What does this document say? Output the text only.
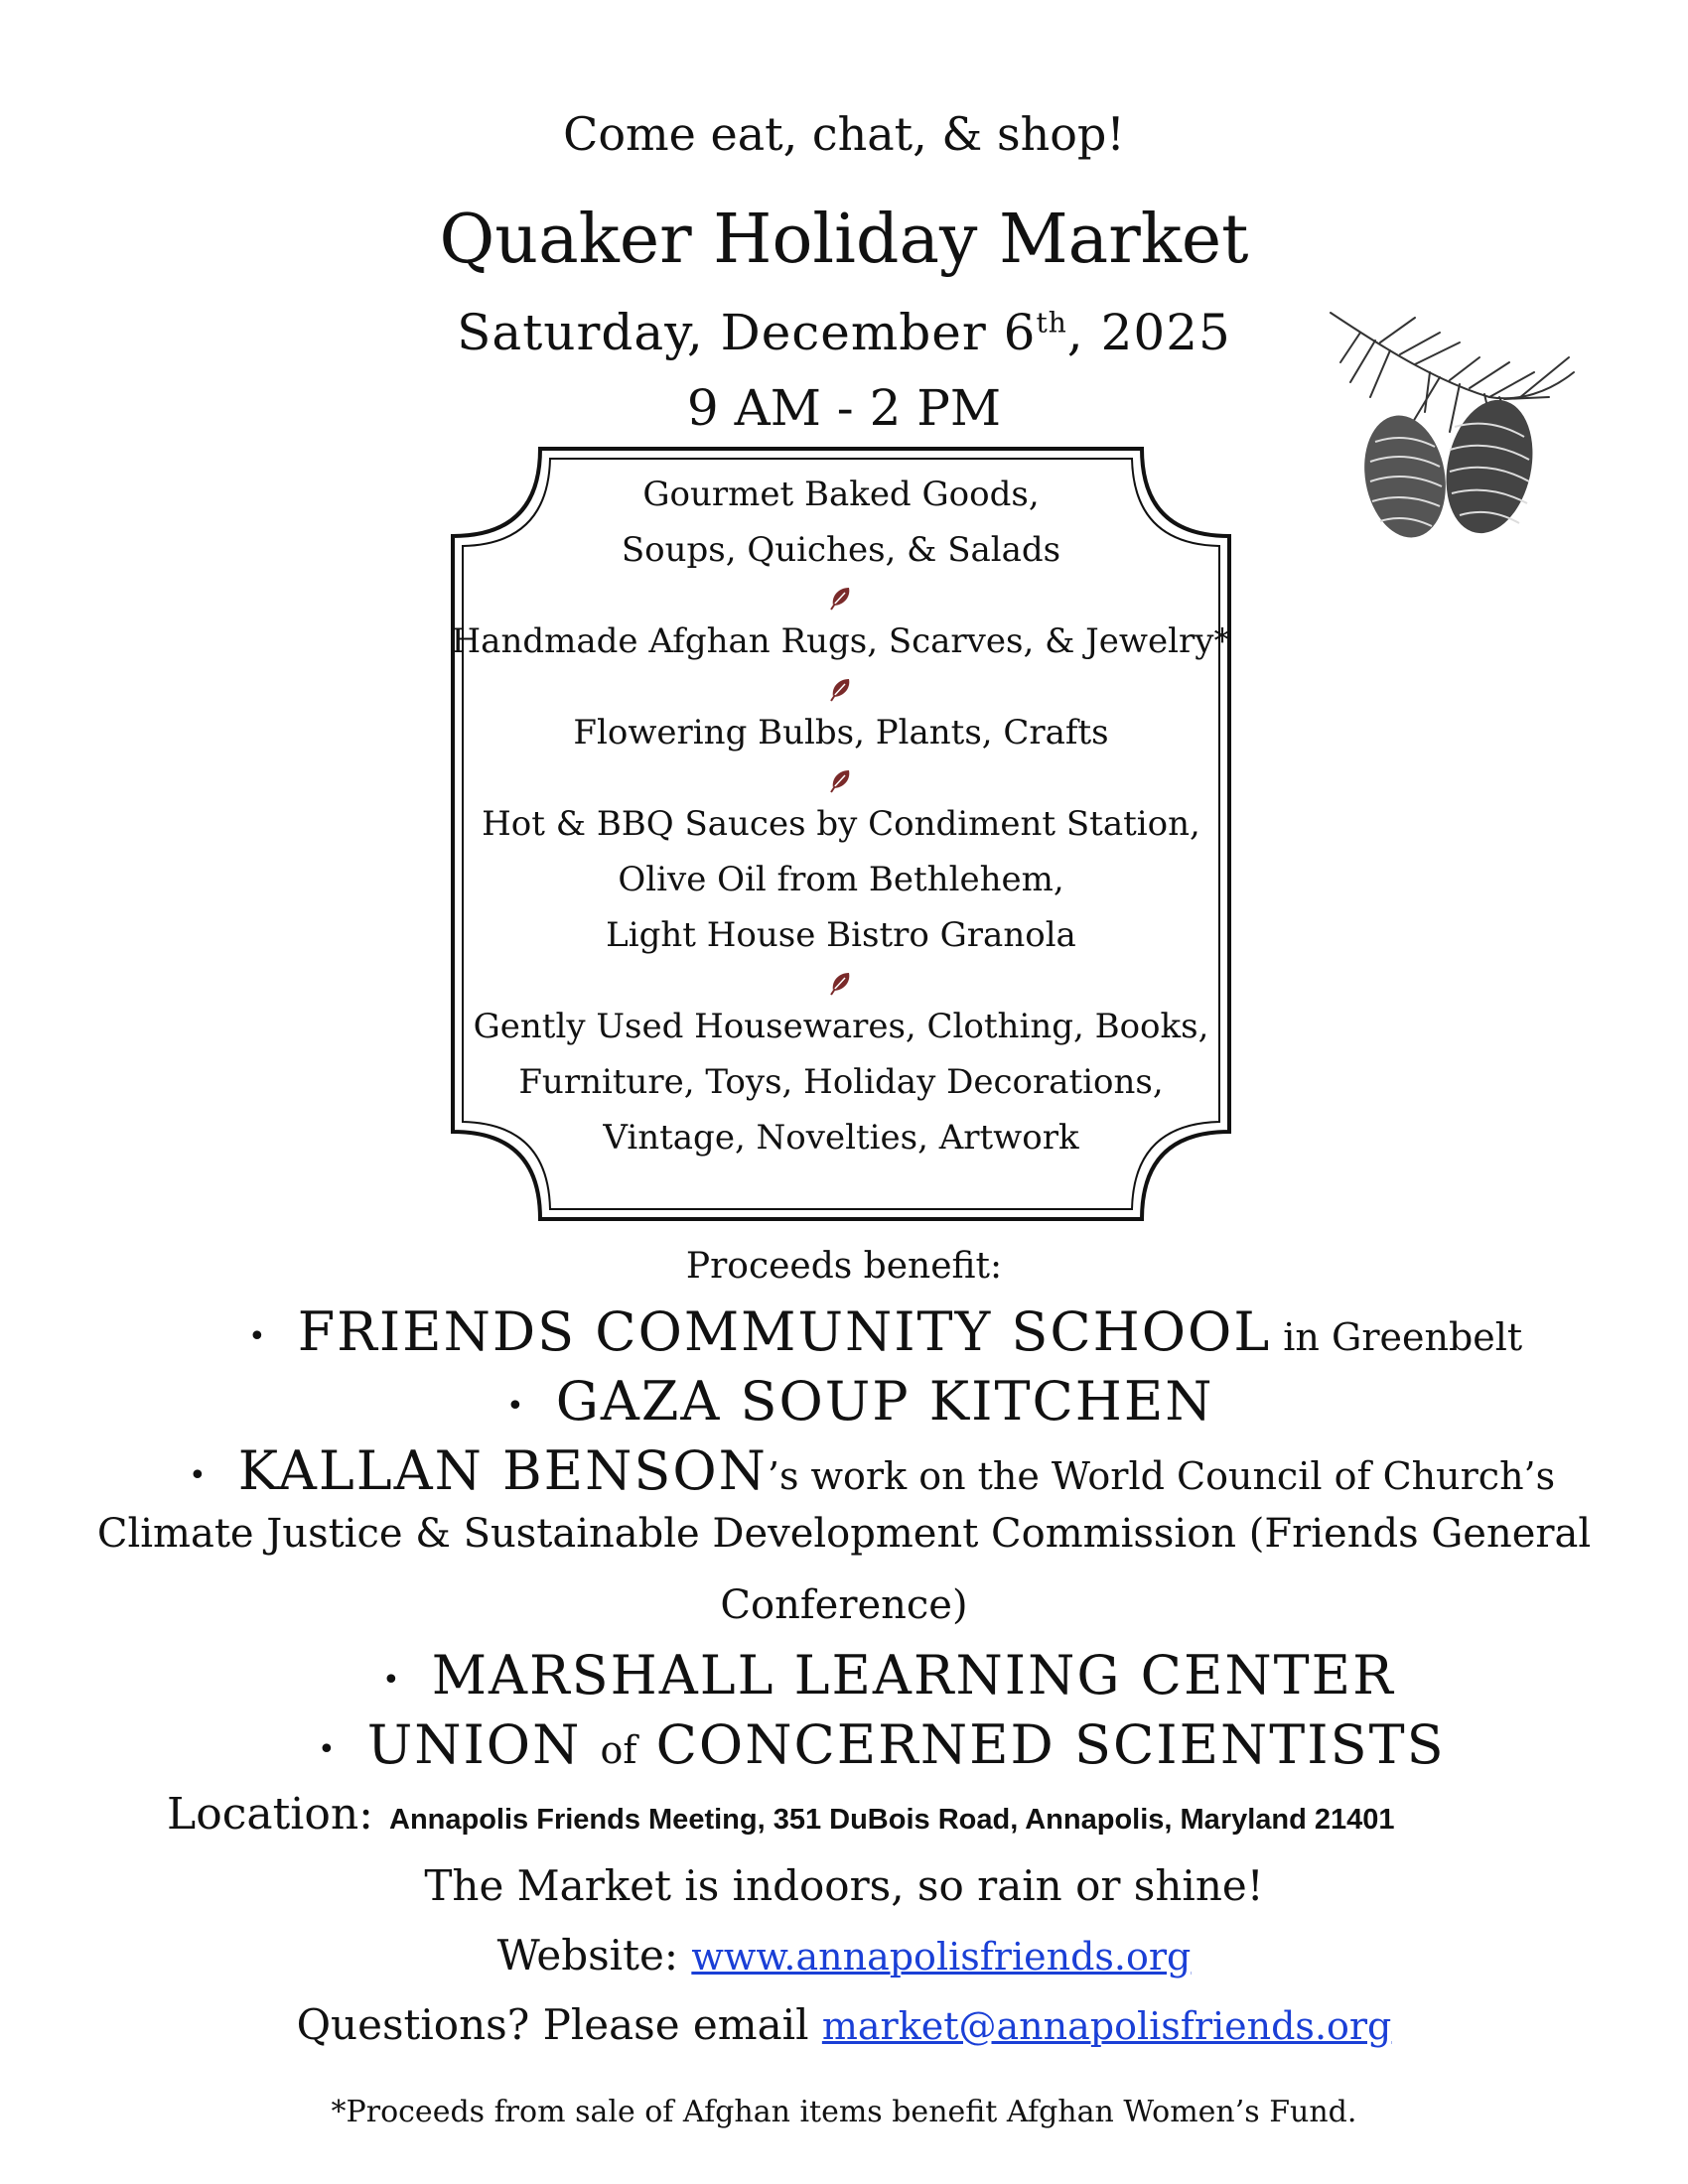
Come eat, chat, & shop!
Quaker Holiday Market
Saturday, December 6th, 2025
9 AM - 2 PM
Gourmet Baked Goods,
Soups, Quiches, & Salads
Handmade Afghan Rugs, Scarves, & Jewelry*
Flowering Bulbs, Plants, Crafts
Hot & BBQ Sauces by Condiment Station,
Olive Oil from Bethlehem,
Light House Bistro Granola
Gently Used Housewares, Clothing, Books,
Furniture, Toys, Holiday Decorations,
Vintage, Novelties, Artwork
Proceeds benefit:
• FRIENDS COMMUNITY SCHOOL in Greenbelt
• GAZA SOUP KITCHEN
• KALLAN BENSON’s work on the World Council of Church’s
Climate Justice & Sustainable Development Commission (Friends General
Conference)
• MARSHALL LEARNING CENTER
• UNION of CONCERNED SCIENTISTS
Location: Annapolis Friends Meeting, 351 DuBois Road, Annapolis, Maryland 21401
The Market is indoors, so rain or shine!
Website: www.annapolisfriends.org
Questions? Please email market@annapolisfriends.org
*Proceeds from sale of Afghan items benefit Afghan Women’s Fund.
